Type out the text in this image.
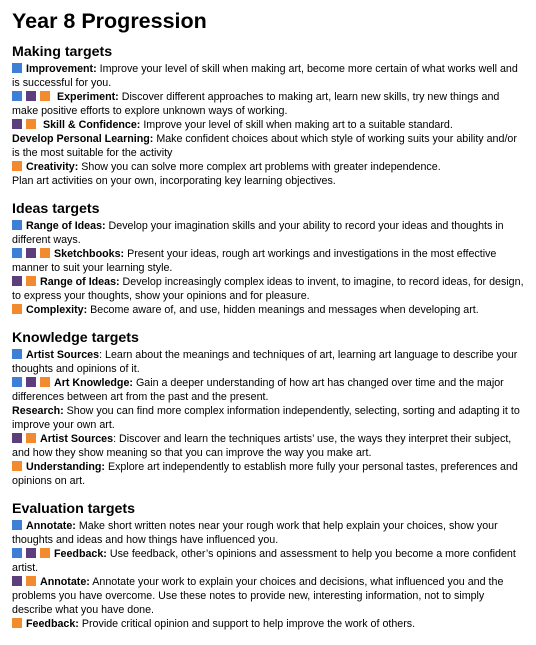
Year 8 Progression
Making targets
Improvement: Improve your level of skill when making art, become more certain of what works well and is successful for you.
Experiment: Discover different approaches to making art, learn new skills, try new things and make positive efforts to explore unknown ways of working.
Skill & Confidence: Improve your level of skill when making art to a suitable standard.
Develop Personal Learning: Make confident choices about which style of working suits your ability and/or is the most suitable for the activity
Creativity: Show you can solve more complex art problems with greater independence.
Plan art activities on your own, incorporating key learning objectives.
Ideas targets
Range of Ideas: Develop your imagination skills and your ability to record your ideas and thoughts in different ways.
Sketchbooks: Present your ideas, rough art workings and investigations in the most effective manner to suit your learning style.
Range of Ideas: Develop increasingly complex ideas to invent, to imagine, to record ideas, for design, to express your thoughts, show your opinions and for pleasure.
Complexity: Become aware of, and use, hidden meanings and messages when developing art.
Knowledge targets
Artist Sources: Learn about the meanings and techniques of art, learning art language to describe your thoughts and opinions of it.
Art Knowledge: Gain a deeper understanding of how art has changed over time and the major differences between art from the past and the present.
Research: Show you can find more complex information independently, selecting, sorting and adapting it to improve your own art.
Artist Sources: Discover and learn the techniques artists’ use, the ways they interpret their subject, and how they show meaning so that you can improve the way you make art.
Understanding: Explore art independently to establish more fully your personal tastes, preferences and opinions on art.
Evaluation targets
Annotate: Make short written notes near your rough work that help explain your choices, show your thoughts and ideas and how things have influenced you.
Feedback: Use feedback, other’s opinions and assessment to help you become a more confident artist.
Annotate: Annotate your work to explain your choices and decisions, what influenced you and the problems you have overcome. Use these notes to provide new, interesting information, not to simply describe what you have done.
Feedback: Provide critical opinion and support to help improve the work of others.
